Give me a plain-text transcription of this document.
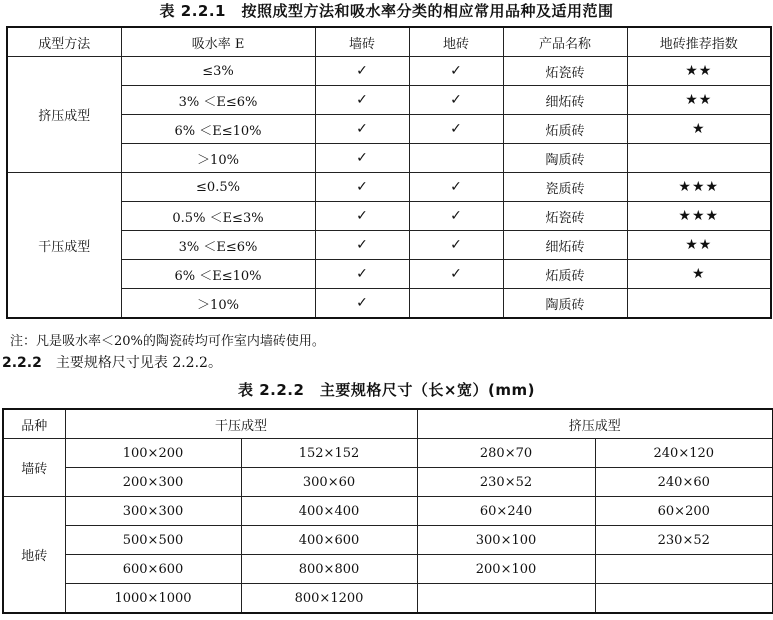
表 2.2.1　按照成型方法和吸水率分类的相应常用品种及适用范围
成型方法	吸水率 E	墙砖	地砖	产品名称	地砖推荐指数
挤压成型	≤3%	✓	✓	炻瓷砖	★★
	3% ＜E≤6%	✓	✓	细炻砖	★★
	6% ＜E≤10%	✓	✓	炻质砖	★
	＞10%	✓		陶质砖	
干压成型	≤0.5%	✓	✓	瓷质砖	★★★
	0.5% ＜E≤3%	✓	✓	炻瓷砖	★★★
	3% ＜E≤6%	✓	✓	细炻砖	★★
	6% ＜E≤10%	✓	✓	炻质砖	★
	＞10%	✓		陶质砖	
注：凡是吸水率＜20%的陶瓷砖均可作室内墙砖使用。
2.2.2 主要规格尺寸见表 2.2.2。
表 2.2.2　主要规格尺寸（长×宽）(mm)
品种	干压成型		挤压成型	
墙砖	100×200	152×152	280×70	240×120
	200×300	300×60	230×52	240×60
地砖	300×300	400×400	60×240	60×200
	500×500	400×600	300×100	230×52
	600×600	800×800	200×100	
	1000×1000	800×1200		
